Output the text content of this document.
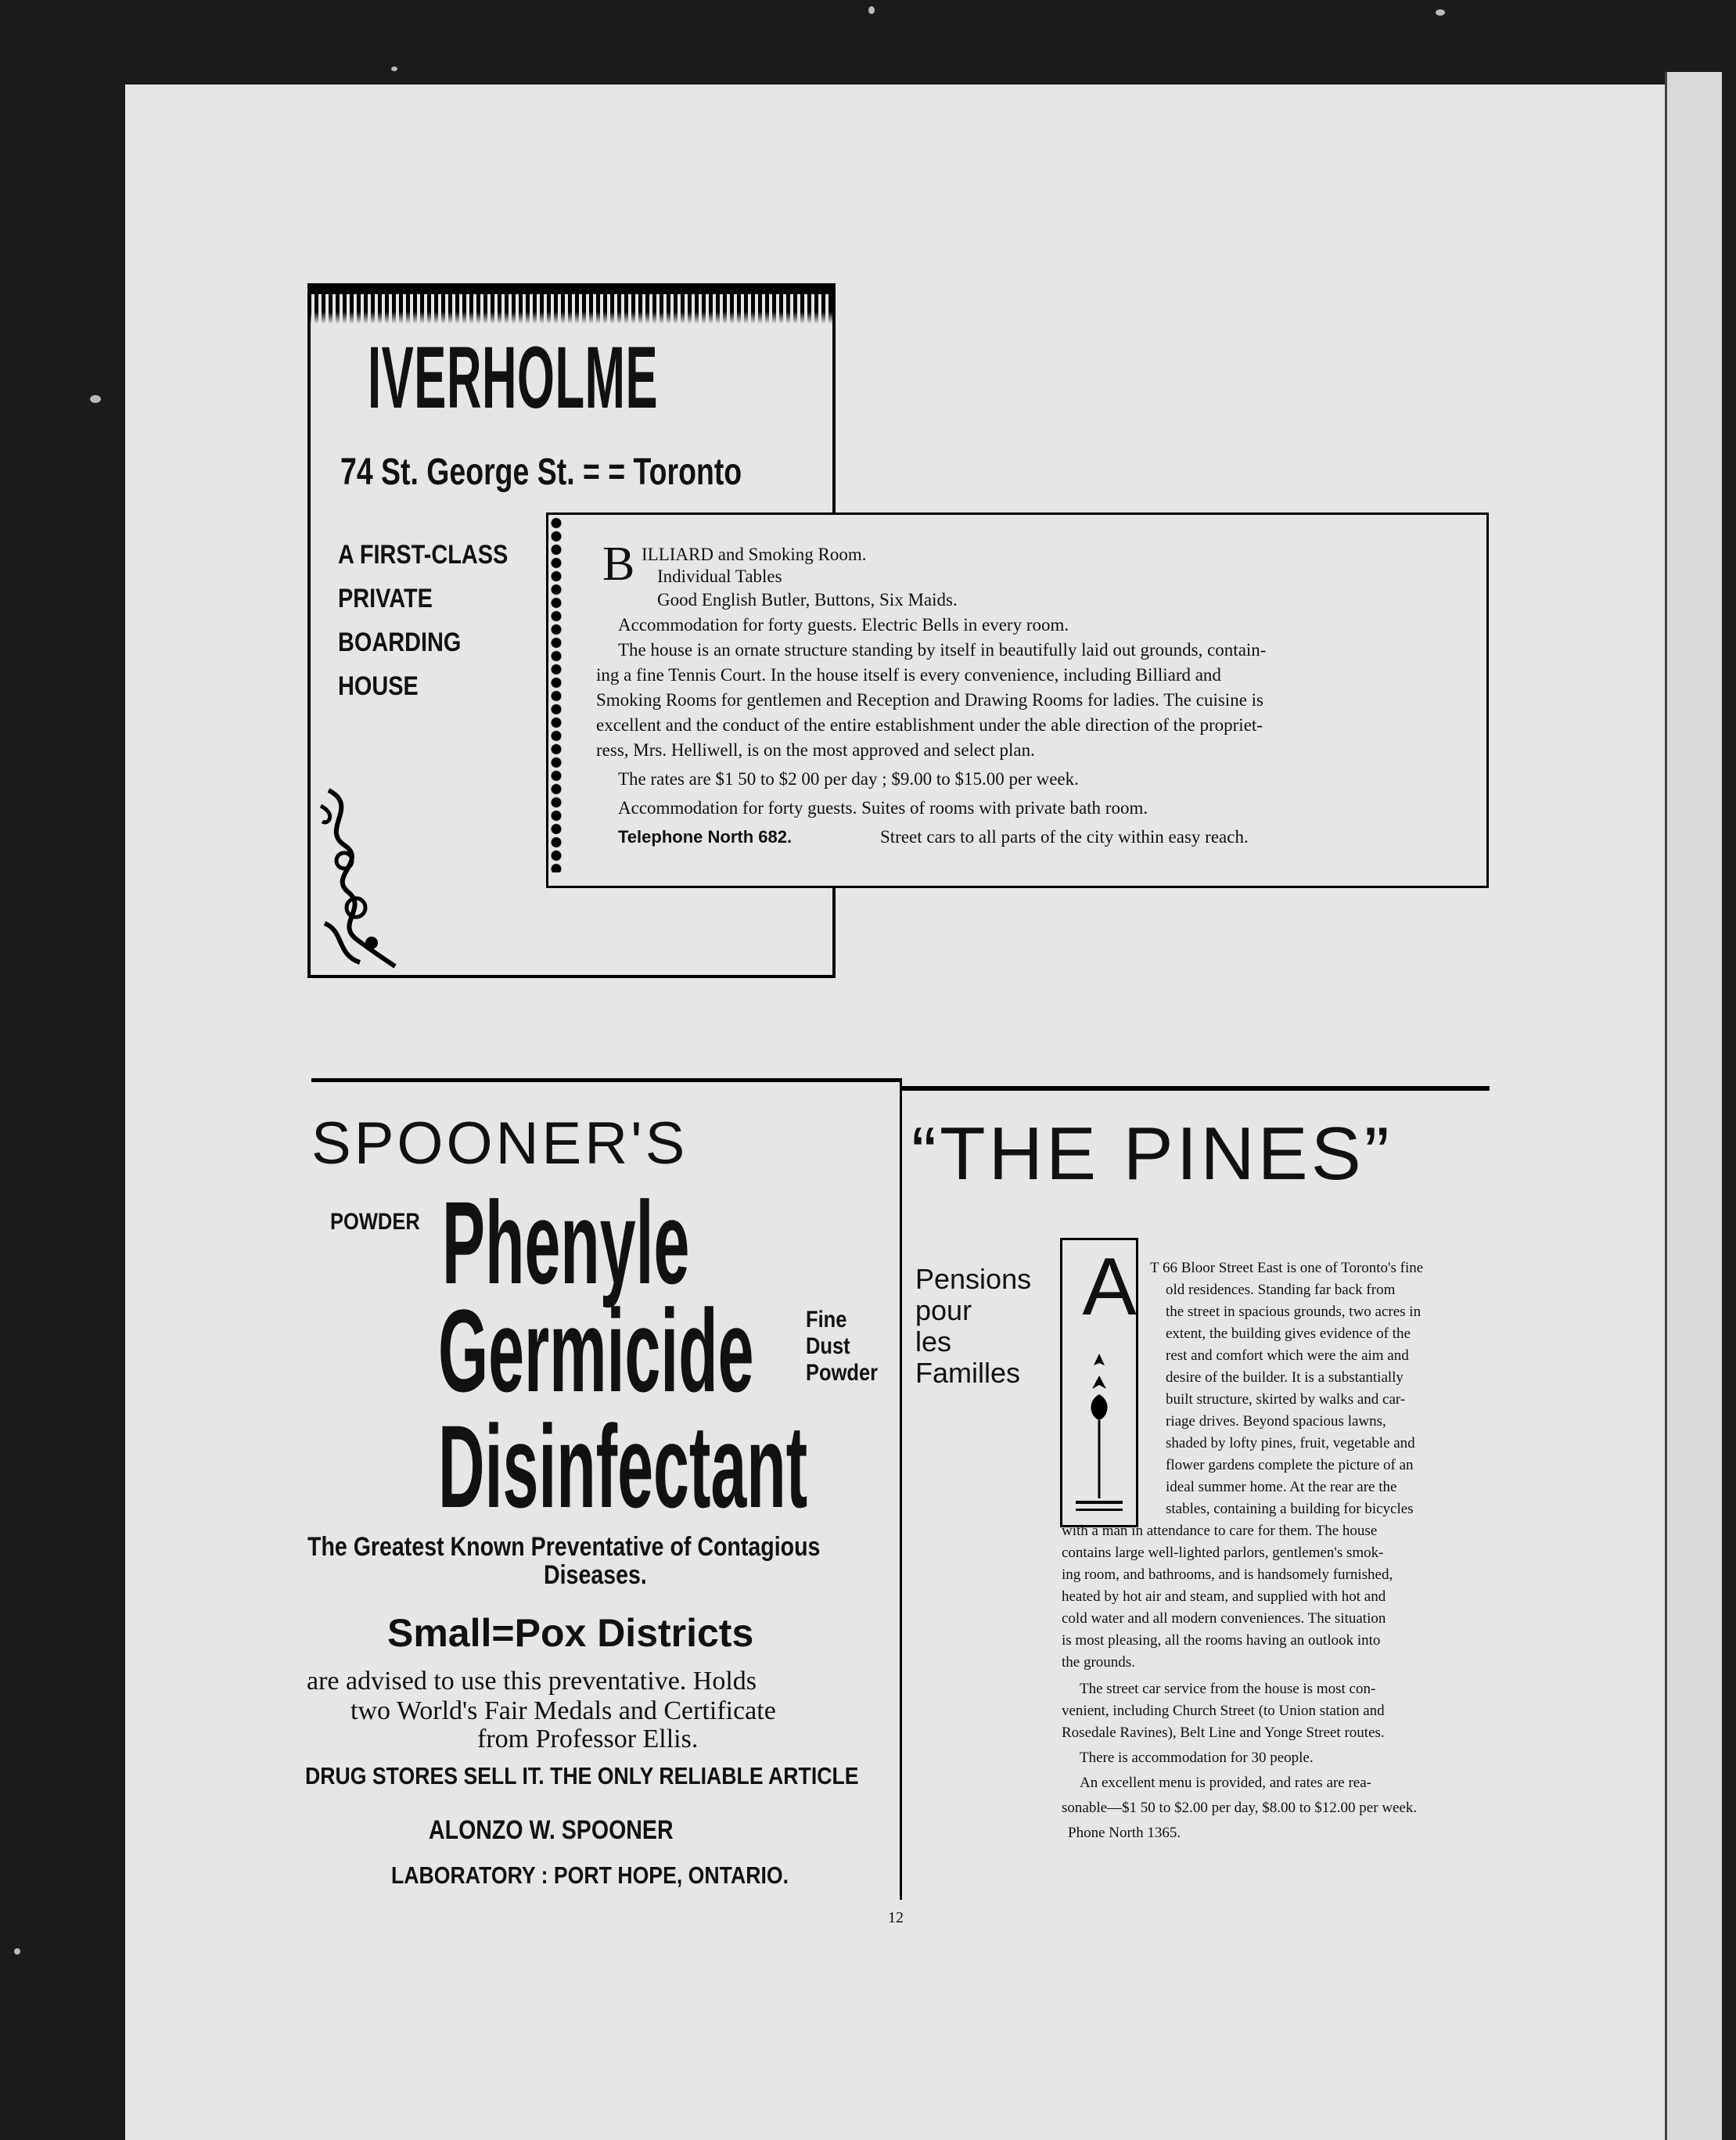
IVERHOLME
74 St. George St. = = Toronto
A FIRST-CLASS
PRIVATE
BOARDING
HOUSE
B ILLIARD and Smoking Room.
Individual Tables
Good English Butler, Buttons, Six Maids.
Accommodation for forty guests. Electric Bells in every room.
The house is an ornate structure standing by itself in beautifully laid out grounds, contain-
ing a fine Tennis Court. In the house itself is every convenience, including Billiard and
Smoking Rooms for gentlemen and Reception and Drawing Rooms for ladies. The cuisine is
excellent and the conduct of the entire establishment under the able direction of the propriet-
ress, Mrs. Helliwell, is on the most approved and select plan.
The rates are $1 50 to $2 00 per day ; $9.00 to $15.00 per week.
Accommodation for forty guests. Suites of rooms with private bath room.
Telephone North 682.	Street cars to all parts of the city within easy reach.
SPOONER'S
POWDER Phenyle
Germicide Fine
Dust
Powder
Disinfectant
The Greatest Known Preventative of Contagious
Diseases.
Small=Pox Districts
are advised to use this preventative. Holds
two World's Fair Medals and Certificate
from Professor Ellis.
DRUG STORES SELL IT. THE ONLY RELIABLE ARTICLE
ALONZO W. SPOONER
LABORATORY : PORT HOPE, ONTARIO.
“THE PINES”
Pensions
pour
les
Familles
A T 66 Bloor Street East is one of Toronto's fine
old residences. Standing far back from
the street in spacious grounds, two acres in
extent, the building gives evidence of the
rest and comfort which were the aim and
desire of the builder. It is a substantially
built structure, skirted by walks and car-
riage drives. Beyond spacious lawns,
shaded by lofty pines, fruit, vegetable and
flower gardens complete the picture of an
ideal summer home. At the rear are the
stables, containing a building for bicycles
with a man in attendance to care for them. The house
contains large well-lighted parlors, gentlemen's smok-
ing room, and bathrooms, and is handsomely furnished,
heated by hot air and steam, and supplied with hot and
cold water and all modern conveniences. The situation
is most pleasing, all the rooms having an outlook into
the grounds.
The street car service from the house is most con-
venient, including Church Street (to Union station and
Rosedale Ravines), Belt Line and Yonge Street routes.
There is accommodation for 30 people.
An excellent menu is provided, and rates are rea-
sonable—$1 50 to $2.00 per day, $8.00 to $12.00 per week.
Phone North 1365.
12
